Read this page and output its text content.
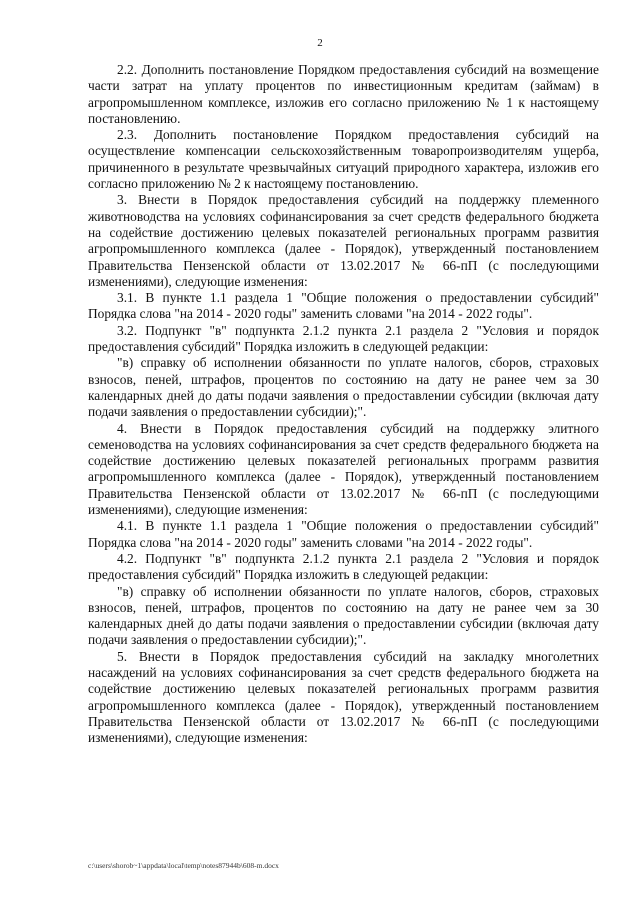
2

2.2. Дополнить постановление Порядком предоставления субсидий на возмещение части затрат на уплату процентов по инвестиционным кредитам (займам) в агропромышленном комплексе, изложив его согласно приложению № 1 к настоящему постановлению.

2.3. Дополнить постановление Порядком предоставления субсидий на осуществление компенсации сельскохозяйственным товаропроизводителям ущерба, причиненного в результате чрезвычайных ситуаций природного характера, изложив его согласно приложению № 2 к настоящему постановлению.

3. Внести в Порядок предоставления субсидий на поддержку племенного животноводства на условиях софинансирования за счет средств федерального бюджета на содействие достижению целевых показателей региональных программ развития агропромышленного комплекса (далее - Порядок), утвержденный постановлением Правительства Пензенской области от 13.02.2017 № 66-пП (с последующими изменениями), следующие изменения:

3.1. В пункте 1.1 раздела 1 "Общие положения о предоставлении субсидий" Порядка слова "на 2014 - 2020 годы" заменить словами "на 2014 - 2022 годы".

3.2. Подпункт "в" подпункта 2.1.2 пункта 2.1 раздела 2 "Условия и порядок предоставления субсидий" Порядка изложить в следующей редакции:

"в) справку об исполнении обязанности по уплате налогов, сборов, страховых взносов, пеней, штрафов, процентов по состоянию на дату не ранее чем за 30 календарных дней до даты подачи заявления о предоставлении субсидии (включая дату подачи заявления о предоставлении субсидии);".

4. Внести в Порядок предоставления субсидий на поддержку элитного семеноводства на условиях софинансирования за счет средств федерального бюджета на содействие достижению целевых показателей региональных программ развития агропромышленного комплекса (далее - Порядок), утвержденный постановлением Правительства Пензенской области от 13.02.2017 № 66-пП (с последующими изменениями), следующие изменения:

4.1. В пункте 1.1 раздела 1 "Общие положения о предоставлении субсидий" Порядка слова "на 2014 - 2020 годы" заменить словами "на 2014 - 2022 годы".

4.2. Подпункт "в" подпункта 2.1.2 пункта 2.1 раздела 2 "Условия и порядок предоставления субсидий" Порядка изложить в следующей редакции:

"в) справку об исполнении обязанности по уплате налогов, сборов, страховых взносов, пеней, штрафов, процентов по состоянию на дату не ранее чем за 30 календарных дней до даты подачи заявления о предоставлении субсидии (включая дату подачи заявления о предоставлении субсидии);".

5. Внести в Порядок предоставления субсидий на закладку многолетних насаждений на условиях софинансирования за счет средств федерального бюджета на содействие достижению целевых показателей региональных программ развития агропромышленного комплекса (далее - Порядок), утвержденный постановлением Правительства Пензенской области от 13.02.2017 № 66-пП (с последующими изменениями), следующие изменения:

c:\users\shorob~1\appdata\local\temp\notes87944b\608-m.docx
